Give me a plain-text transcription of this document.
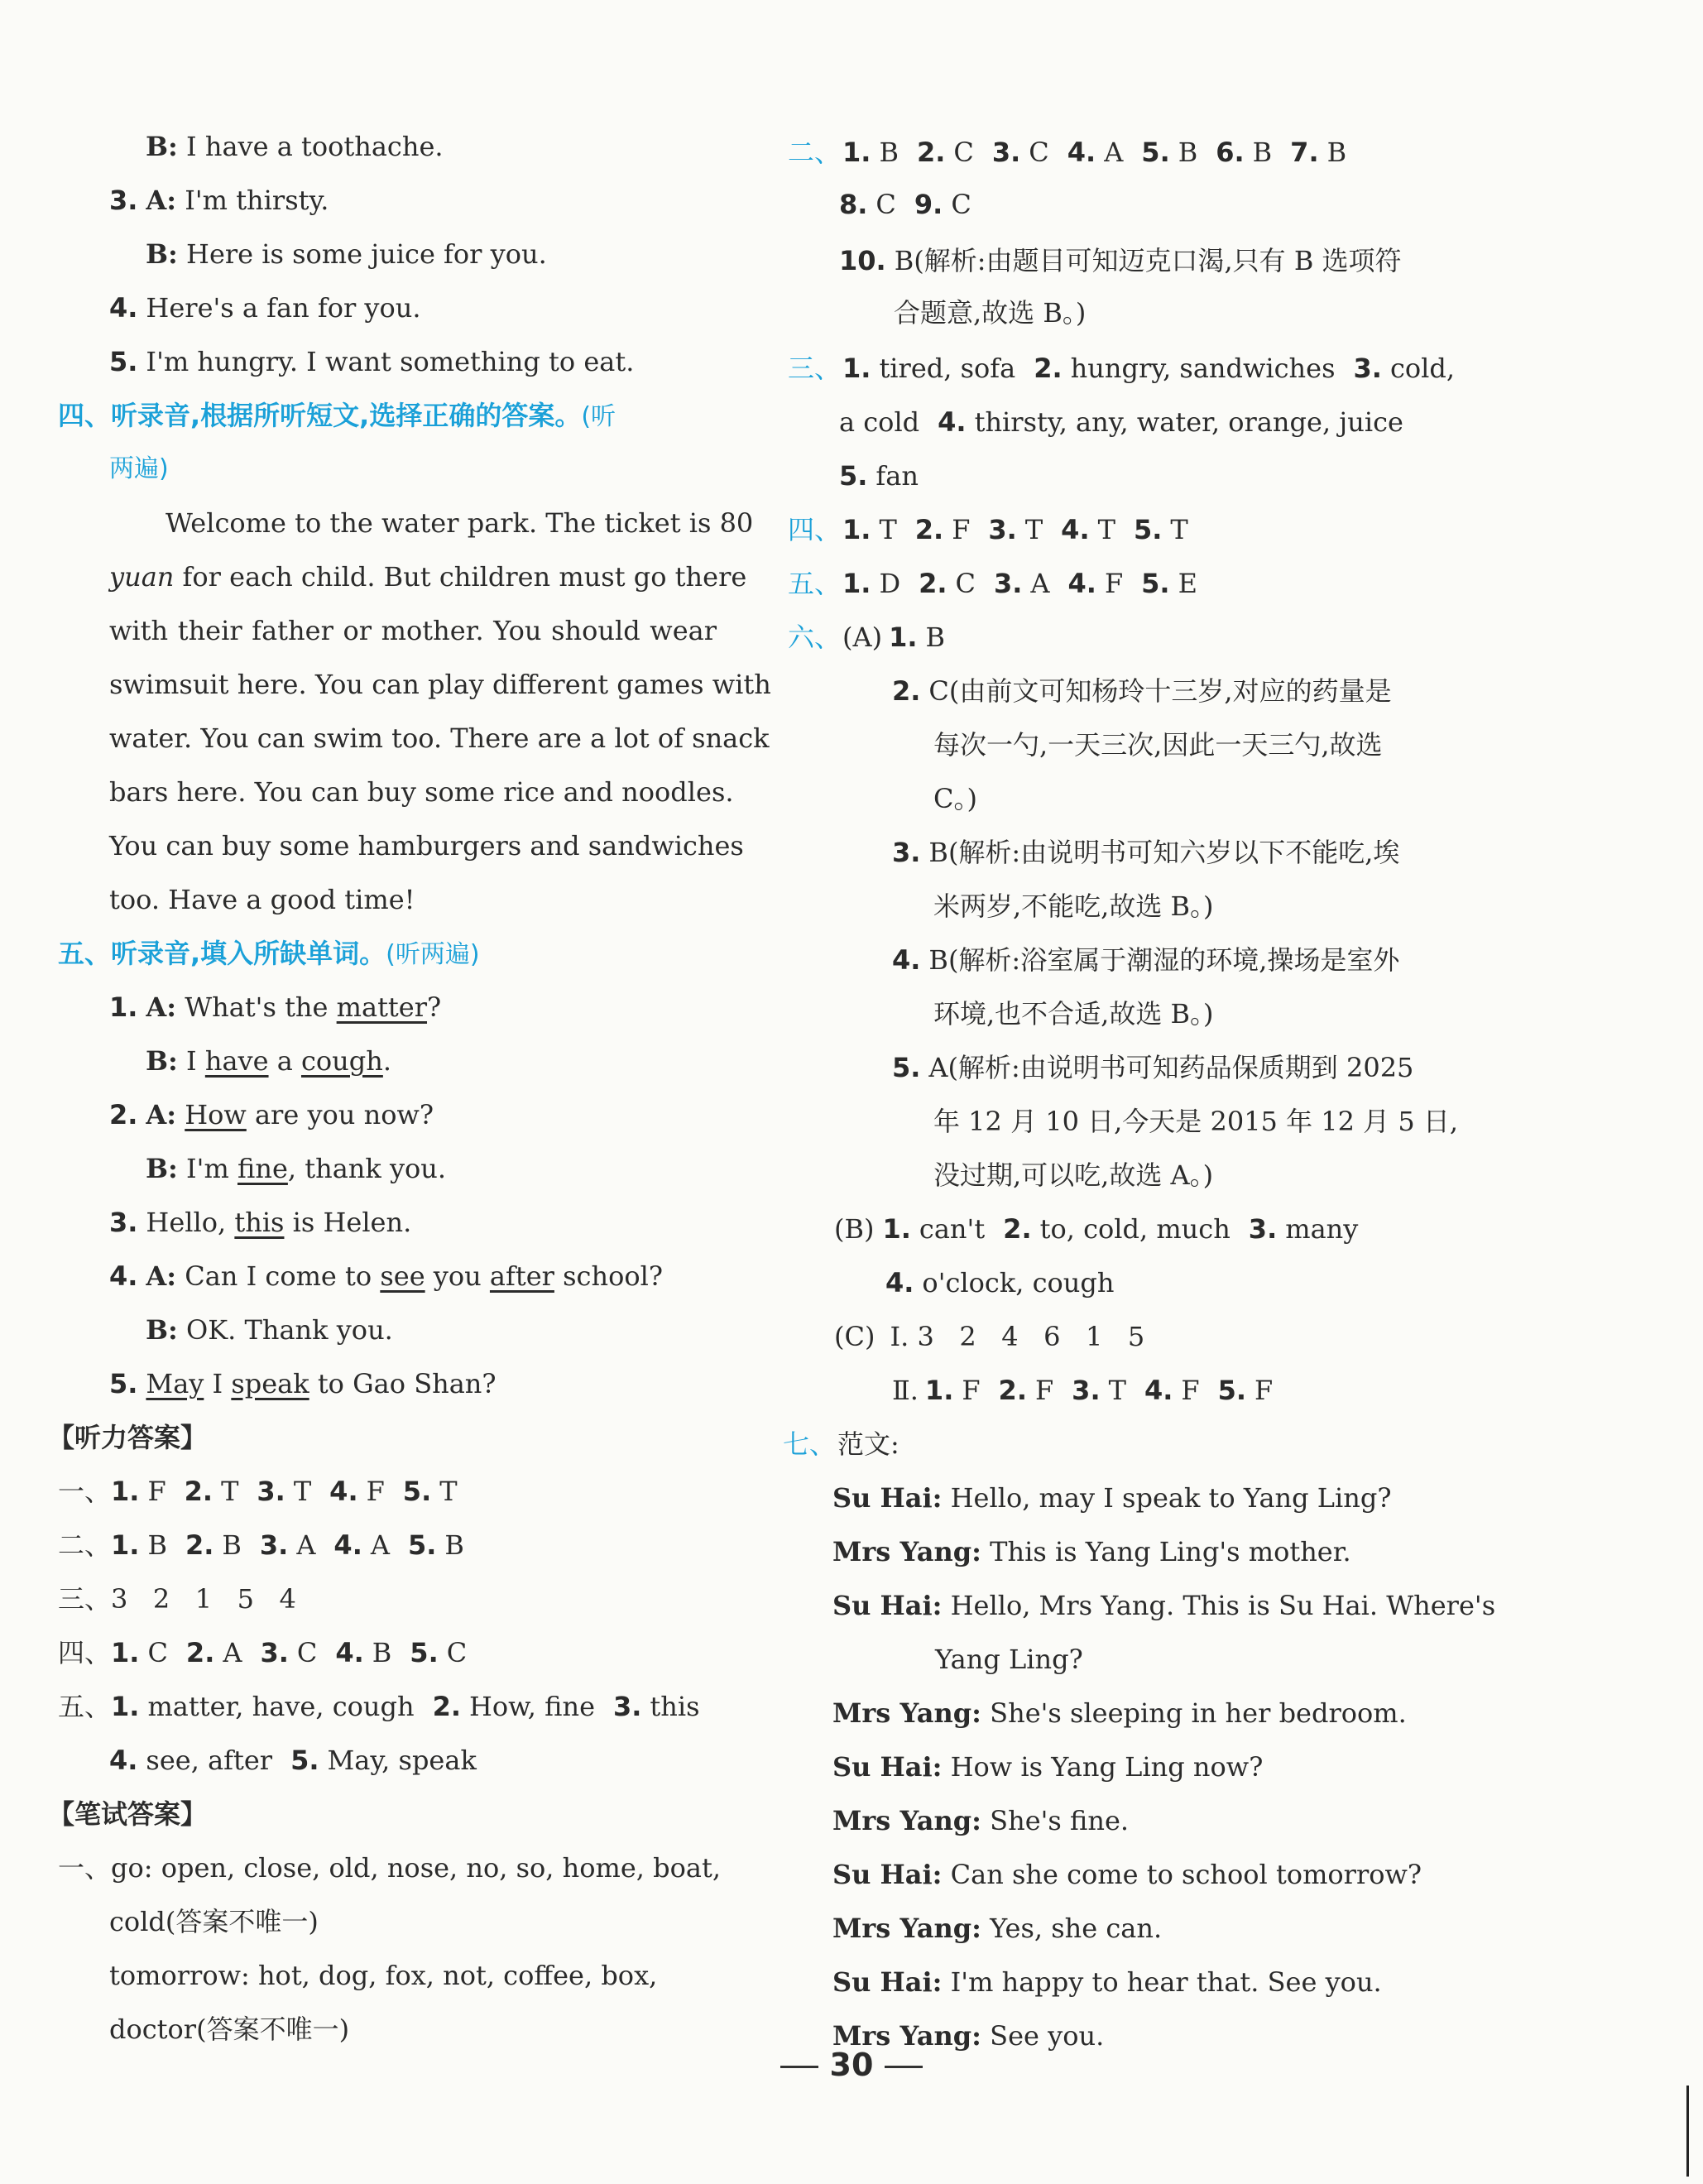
B: I have a toothache.
3. A: I'm thirsty.
B: Here is some juice for you.
4. Here's a fan for you.
5. I'm hungry. I want something to eat.
四、听录音,根据所听短文,选择正确的答案。(听
两遍)
Welcome to the water park. The ticket is 80
yuan for each child. But children must go there
with their father or mother. You should wear
swimsuit here. You can play different games with
water. You can swim too. There are a lot of snack
bars here. You can buy some rice and noodles.
You can buy some hamburgers and sandwiches
too. Have a good time!
五、听录音,填入所缺单词。(听两遍)
1. A: What's the matter?
B: I have a cough.
2. A: How are you now?
B: I'm fine, thank you.
3. Hello, this is Helen.
4. A: Can I come to see you after school?
B: OK. Thank you.
5. May I speak to Gao Shan?
【听力答案】
一、1. F 2. T 3. T 4. F 5. T
二、1. B 2. B 3. A 4. A 5. B
三、3   2   1   5   4
四、1. C 2. A 3. C 4. B 5. C
五、1. matter, have, cough 2. How, fine 3. this
4. see, after 5. May, speak
【笔试答案】
一、go: open, close, old, nose, no, so, home, boat,
cold(答案不唯一)
tomorrow: hot, dog, fox, not, coffee, box,
doctor(答案不唯一)
二、1. B 2. C 3. C 4. A 5. B 6. B 7. B
8. C 9. C
10. B(解析:由题目可知迈克口渴,只有 B 选项符
合题意,故选 B。)
三、1. tired, sofa 2. hungry, sandwiches 3. cold,
a cold 4. thirsty, any, water, orange, juice
5. fan
四、1. T 2. F 3. T 4. T 5. T
五、1. D 2. C 3. A 4. F 5. E
六、(A) 1. B
2. C(由前文可知杨玲十三岁,对应的药量是
每次一勺,一天三次,因此一天三勺,故选
C。)
3. B(解析:由说明书可知六岁以下不能吃,埃
米两岁,不能吃,故选 B。)
4. B(解析:浴室属于潮湿的环境,操场是室外
环境,也不合适,故选 B。)
5. A(解析:由说明书可知药品保质期到 2025
年 12 月 10 日,今天是 2015 年 12 月 5 日,
没过期,可以吃,故选 A。)
(B) 1. can't 2. to, cold, much 3. many
4. o'clock, cough
(C) Ⅰ. 3   2   4   6   1   5
Ⅱ. 1. F 2. F 3. T 4. F 5. F
七、范文:
Su Hai: Hello, may I speak to Yang Ling?
Mrs Yang: This is Yang Ling's mother.
Su Hai: Hello, Mrs Yang. This is Su Hai. Where's
Yang Ling?
Mrs Yang: She's sleeping in her bedroom.
Su Hai: How is Yang Ling now?
Mrs Yang: She's fine.
Su Hai: Can she come to school tomorrow?
Mrs Yang: Yes, she can.
Su Hai: I'm happy to hear that. See you.
Mrs Yang: See you.
30
